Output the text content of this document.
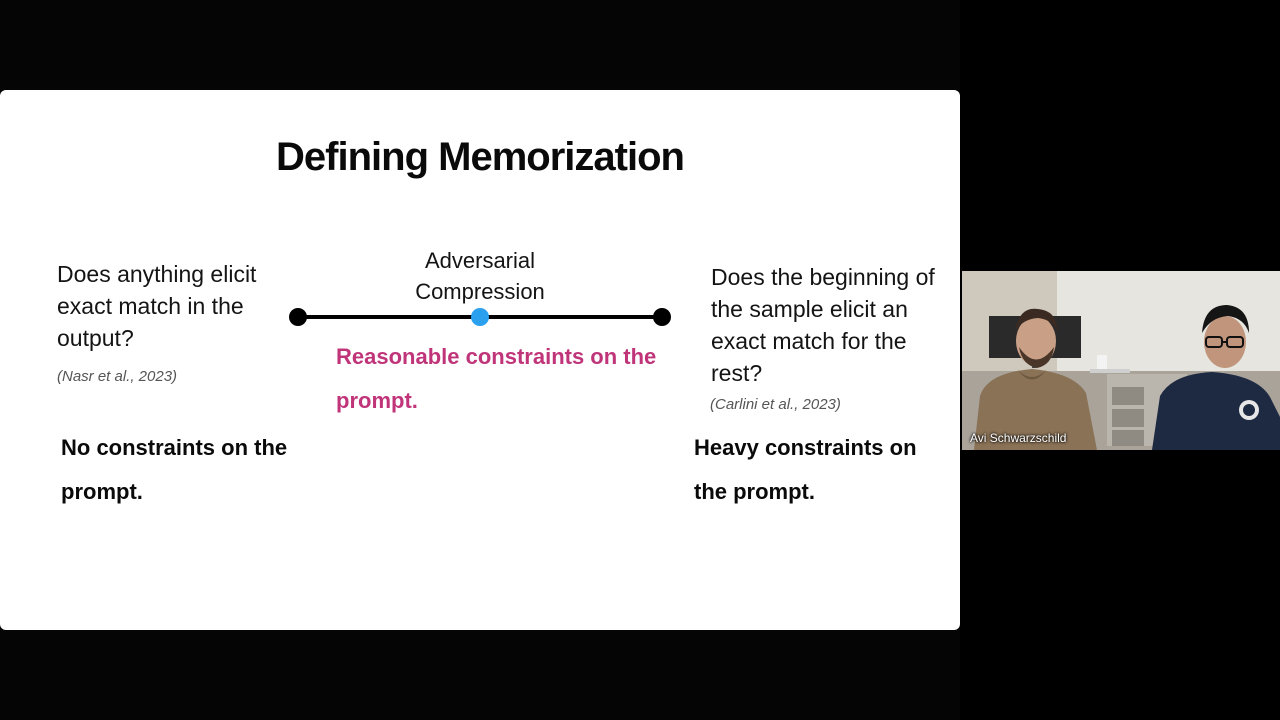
Defining Memorization
Does anything elicit exact match in the output?
(Nasr et al., 2023)
No constraints on the prompt.
Adversarial Compression
Reasonable constraints on the prompt.
Does the beginning of the sample elicit an exact match for the rest?
(Carlini et al., 2023)
Heavy constraints on the prompt.
Avi Schwarzschild
